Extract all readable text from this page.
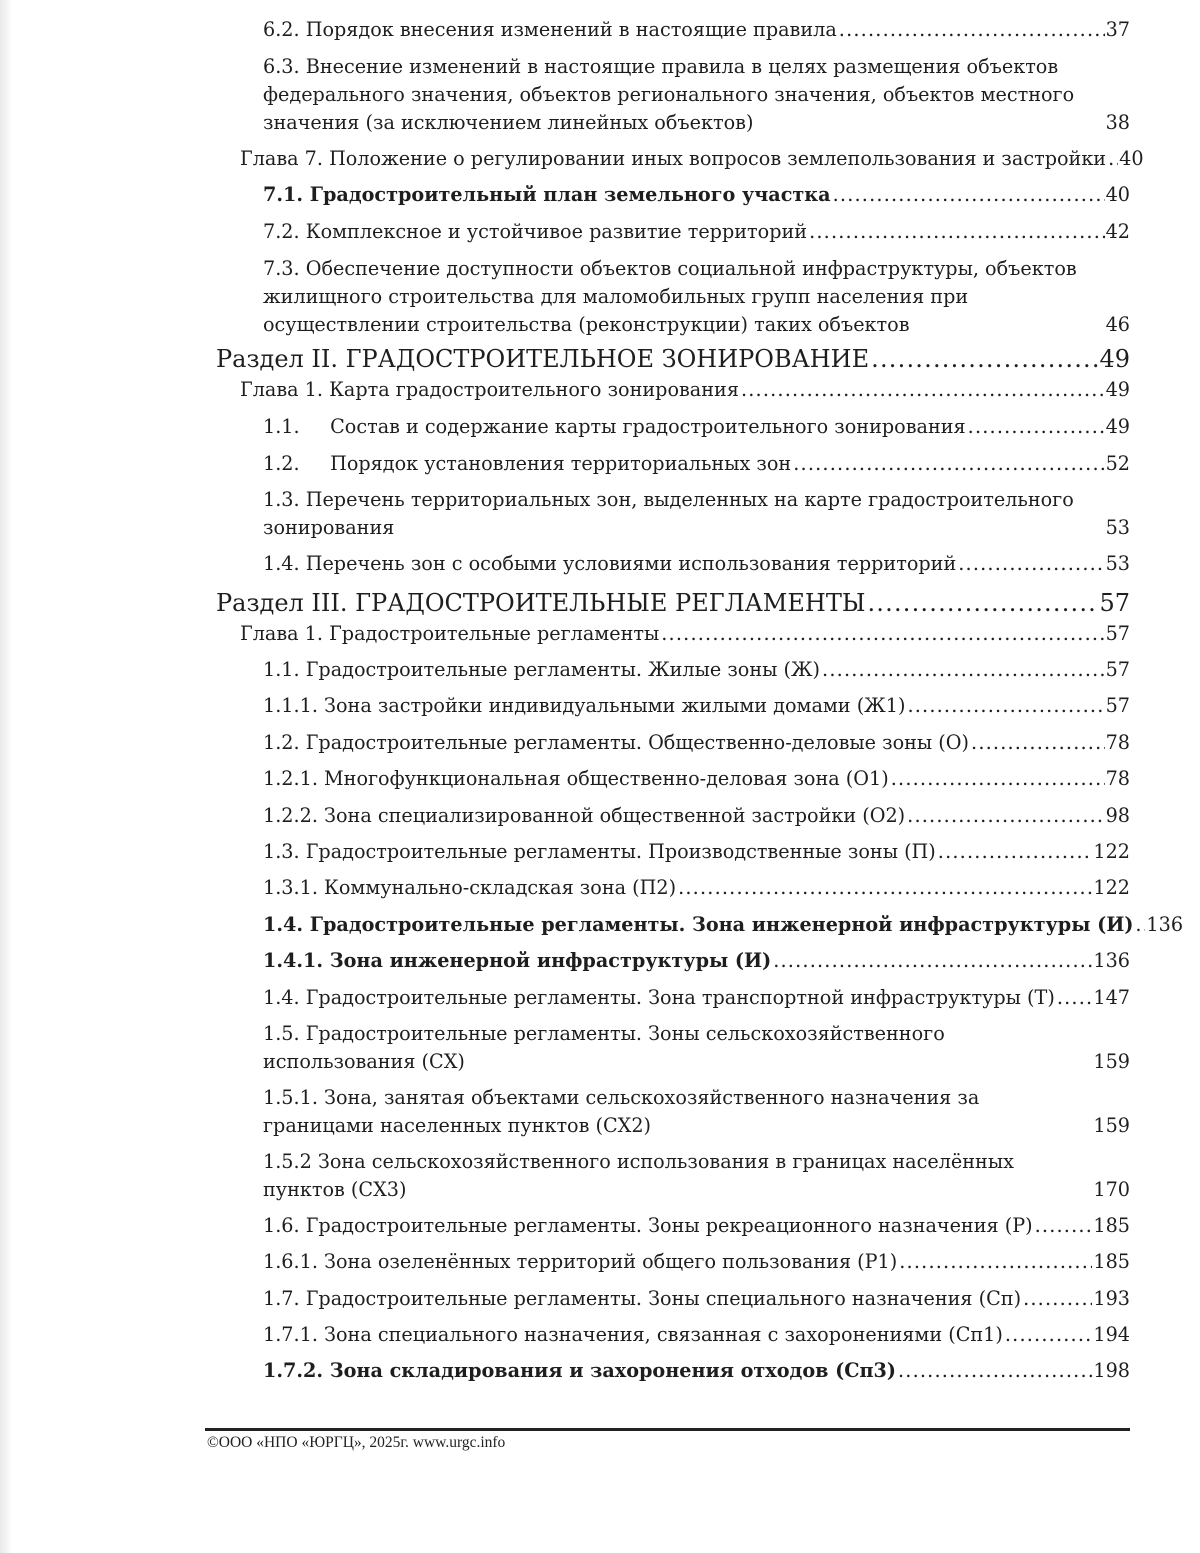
6.2. Порядок внесения изменений в настоящие правила .....	37
6.3. Внесение изменений в настоящие правила в целях размещения объектов федерального значения, объектов регионального значения, объектов местного значения (за исключением линейных объектов)	38
Глава 7. Положение о регулировании иных вопросов землепользования и застройки ..... 40
7.1. Градостроительный план земельного участка .....	40
7.2. Комплексное и устойчивое развитие территорий .....	42
7.3. Обеспечение доступности объектов социальной инфраструктуры, объектов жилищного строительства для маломобильных групп населения при осуществлении строительства (реконструкции) таких объектов	46
Раздел II. ГРАДОСТРОИТЕЛЬНОЕ ЗОНИРОВАНИЕ .....	49
Глава 1. Карта градостроительного зонирования .....	49
1.1.     Состав и содержание карты градостроительного зонирования .....	49
1.2.     Порядок установления территориальных зон .....	52
1.3. Перечень территориальных зон, выделенных на карте градостроительного зонирования	53
1.4. Перечень зон с особыми условиями использования территорий .....	53
Раздел III. ГРАДОСТРОИТЕЛЬНЫЕ РЕГЛАМЕНТЫ .....	57
Глава 1. Градостроительные регламенты .....	57
1.1. Градостроительные регламенты. Жилые зоны (Ж) .....	57
1.1.1. Зона застройки индивидуальными жилыми домами (Ж1) .....	57
1.2. Градостроительные регламенты. Общественно-деловые зоны (О) .....	78
1.2.1. Многофункциональная общественно-деловая зона (О1) .....	78
1.2.2. Зона специализированной общественной застройки (О2) .....	98
1.3. Градостроительные регламенты. Производственные зоны (П) .....	122
1.3.1. Коммунально-складская зона (П2) .....	122
1.4. Градостроительные регламенты. Зона инженерной инфраструктуры (И) ..... 136
1.4.1. Зона инженерной инфраструктуры (И) .....	136
1.4. Градостроительные регламенты. Зона транспортной инфраструктуры (Т) ..... 147
1.5. Градостроительные регламенты. Зоны сельскохозяйственного использования (СХ)	159
1.5.1. Зона, занятая объектами сельскохозяйственного назначения за границами населенных пунктов (СХ2)	159
1.5.2 Зона сельскохозяйственного использования в границах населённых пунктов (СХ3)	170
1.6. Градостроительные регламенты. Зоны рекреационного назначения (Р) .....	185
1.6.1. Зона озеленённых территорий общего пользования (Р1) .....	185
1.7. Градостроительные регламенты. Зоны специального назначения (Сп) .....	193
1.7.1. Зона специального назначения, связанная с захоронениями (Сп1) .....	194
1.7.2. Зона складирования и захоронения отходов (Сп3) .....	198
©ООО «НПО «ЮРГЦ», 2025г. www.urgc.info
